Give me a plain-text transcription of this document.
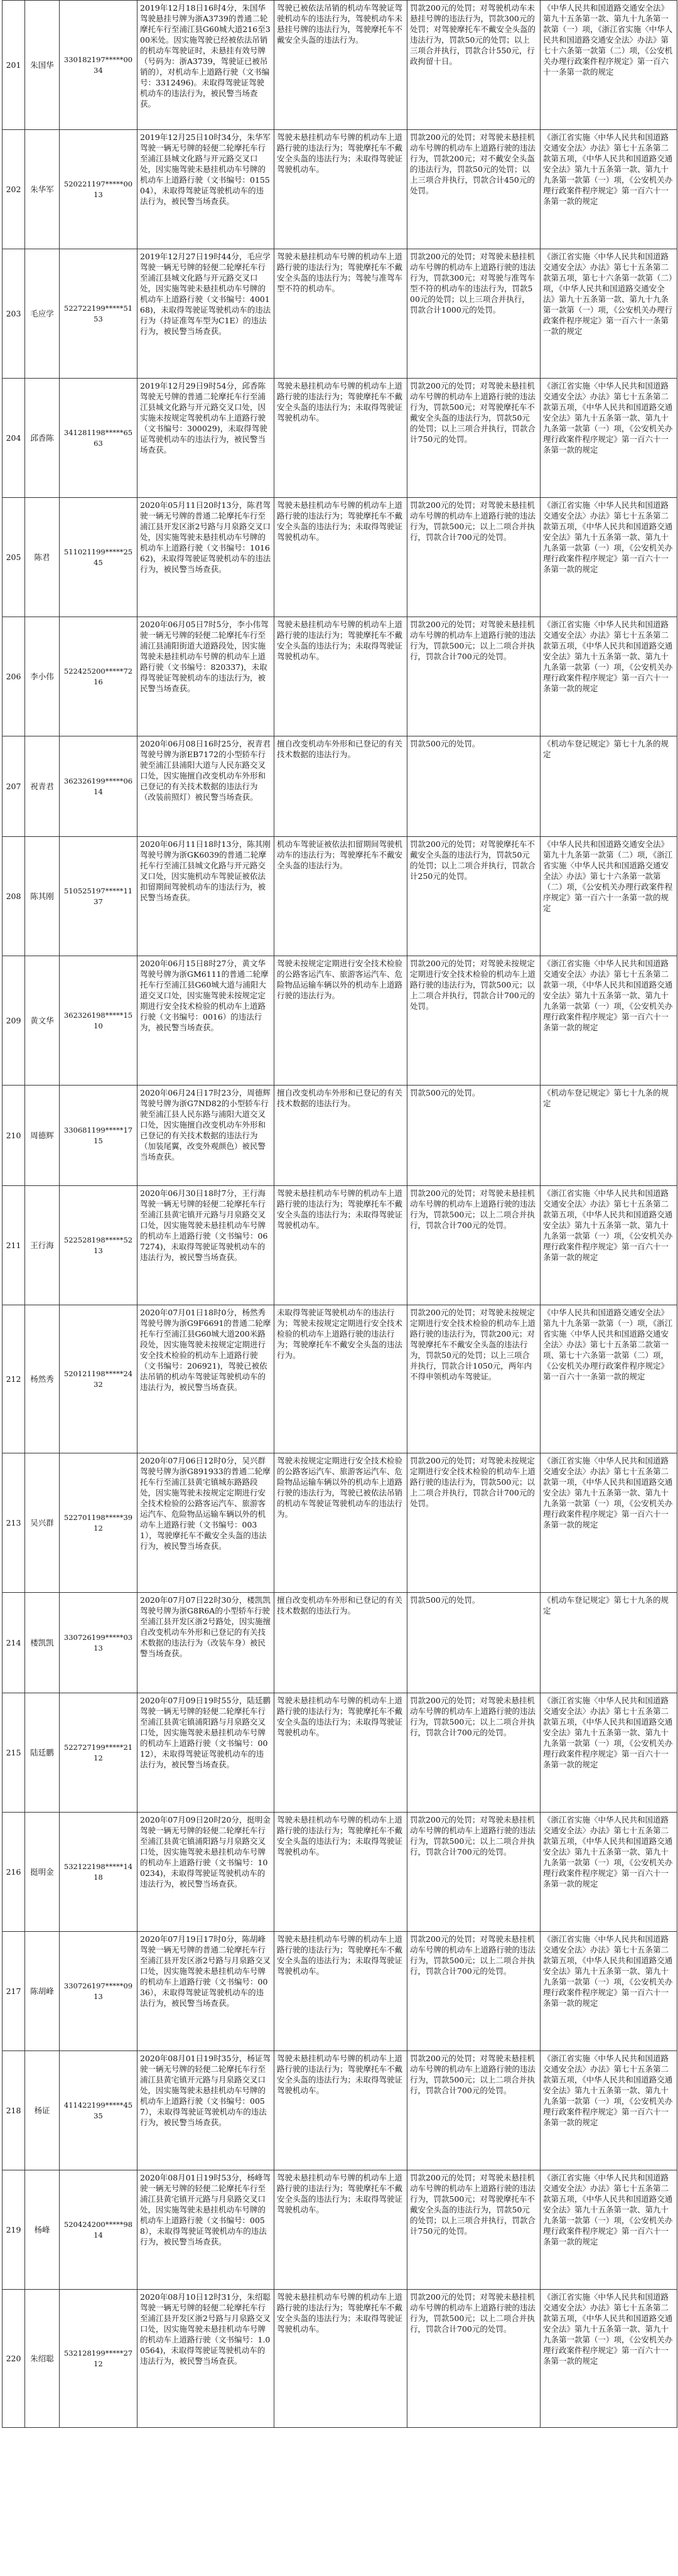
201	朱国华	330182197*****0034	2019年12月18日16时4分，朱国华驾驶悬挂号牌为浙A3739的普通二轮摩托车行至浦江县G60城大道216至300米处。因实施驾驶已经被依法吊销的机动车驾驶证时，未悬挂有效号牌（号码为：浙A3739，驾驶证已被吊销的），对机动车上道路行驶（文书编号：3312496)。未取得驾驶证驾驶机动车的违法行为，被民警当场查获。	驾驶已被依法吊销的机动车驾驶证驾驶机动车的违法行为，驾驶机动车未悬挂号牌的违法行为，驾驶摩托车不戴安全头盔的违法行为。	罚款200元的处罚；对驾驶机动车未悬挂号牌的违法行为，罚款300元的处罚；对驾驶摩托车不戴安全头盔的违法行为，罚款50元的处罚；以上三项合并执行，罚款合计550元，行政拘留十日。	《中华人民共和国道路交通安全法》第九十五条第一款、第九十九条第一款第（一）项，《浙江省实施〈中华人民共和国道路交通安全法〉办法》第七十六条第一款第（二）项，《公安机关办理行政案件程序规定》第一百六十一条第一款的规定
202	朱华军	520221197*****0013	2019年12月25日10时34分，朱华军驾驶一辆无号牌的轻便二轮摩托车行至浦江县城文化路与开元路交叉口处，因实施驾驶未悬挂机动车号牌的机动车上道路行驶（文书编号：015504），未取得驾驶证驾驶机动车的违法行为，被民警当场查获。	驾驶未悬挂机动车号牌的机动车上道路行驶的违法行为；驾驶摩托车不戴安全头盔的违法行为；未取得驾驶证驾驶机动车。	罚款200元的处罚；对驾驶未悬挂机动车号牌的机动车上道路行驶的违法行为，罚款200元；对不戴安全头盔的违法行为，罚款50元的处罚；以上三项合并执行，罚款合计450元的处罚。	《浙江省实施〈中华人民共和国道路交通安全法〉办法》第七十五条第二款第五项，《中华人民共和国道路交通安全法》第九十五条第一款、第九十九条第一款第（一）项，《公安机关办理行政案件程序规定》第一百六十一条第一款的规定
203	毛应学	522722199*****5153	2019年12月27日19时44分，毛应学驾驶一辆无号牌的轻便二轮摩托车行至浦江县城文化路与开元路交叉口处，因实施驾驶未悬挂机动车号牌的机动车上道路行驶（文书编号：400168)，未取得驾驶证驾驶机动车的违法行为（持证准驾车型为C1E）的违法行为，被民警当场查获。	驾驶未悬挂机动车号牌的机动车上道路行驶的违法行为；驾驶摩托车不戴安全头盔的违法行为；驾驶与准驾车型不符的机动车。	罚款200元的处罚；对驾驶未悬挂机动车号牌的机动车上道路行驶的违法行为，罚款300元；对驾驶与准驾车型不符的机动车的违法行为，罚款500元的处罚；以上三项合并执行，罚款合计1000元的处罚。	《浙江省实施〈中华人民共和国道路交通安全法〉办法》第七十五条第二款第五项，第七十六条第一款第（二）项，《中华人民共和国道路交通安全法》第九十五条第一款、第九十九条第一款第（一）项，《公安机关办理行政案件程序规定》第一百六十一条第一款的规定
204	邱香陈	341281198*****6563	2019年12月29日9时54分，邱香陈驾驶无号牌的普通二轮摩托车行至浦江县城文化路与开元路交叉口处，因实施未按规定驾驶机动车上道路行驶（文书编号：300029)，未取得驾驶证驾驶机动车的违法行为，被民警当场查获。	驾驶未悬挂机动车号牌的机动车上道路行驶的违法行为；驾驶摩托车不戴安全头盔的违法行为；未取得驾驶证驾驶机动车。	罚款200元的处罚；对驾驶未悬挂机动车号牌的机动车上道路行驶的违法行为，罚款500元；对驾驶摩托车不戴安全头盔的违法行为，罚款50元的处罚；以上三项合并执行，罚款合计750元的处罚。	《浙江省实施〈中华人民共和国道路交通安全法〉办法》第七十五条第二款第五项，《中华人民共和国道路交通安全法》第九十五条第一款、第九十九条第一款第（一）项，《公安机关办理行政案件程序规定》第一百六十一条第一款的规定
205	陈君	511021199*****2545	2020年05月11日20时13分，陈君驾驶一辆无号牌的普通二轮摩托车行至浦江县开发区浙2号路与月泉路交叉口处，因实施驾驶未悬挂机动车号牌的机动车上道路行驶（文书编号：101662)，未取得驾驶证驾驶机动车的违法行为，被民警当场查获。	驾驶未悬挂机动车号牌的机动车上道路行驶的违法行为；驾驶摩托车不戴安全头盔的违法行为；未取得驾驶证驾驶机动车。	罚款200元的处罚；对驾驶未悬挂机动车号牌的机动车上道路行驶的违法行为，罚款500元；以上二项合并执行，罚款合计700元的处罚。	《浙江省实施〈中华人民共和国道路交通安全法〉办法》第七十五条第二款第五项，《中华人民共和国道路交通安全法》第九十五条第一款、第九十九条第一款第（一）项，《公安机关办理行政案件程序规定》第一百六十一条第一款的规定
206	李小伟	522425200*****7216	2020年06月05日7时5分，李小伟驾驶一辆无号牌的轻便二轮摩托车行至浦江县浦阳街道大道路段处，因实施驾驶未悬挂机动车号牌的机动车上道路行驶（文书编号：820337)，未取得驾驶证驾驶机动车的违法行为，被民警当场查获。	驾驶未悬挂机动车号牌的机动车上道路行驶的违法行为；驾驶摩托车不戴安全头盔的违法行为；未取得驾驶证驾驶机动车。	罚款200元的处罚；对驾驶未悬挂机动车号牌的机动车上道路行驶的违法行为，罚款500元；以上二项合并执行，罚款合计700元的处罚。	《浙江省实施〈中华人民共和国道路交通安全法〉办法》第七十五条第二款第五项，《中华人民共和国道路交通安全法》第九十五条第一款、第九十九条第一款第（一）项，《公安机关办理行政案件程序规定》第一百六十一条第一款的规定
207	祝青君	362326199*****0614	2020年06月08日16时25分，祝青君驾驶号牌为浙EB7172的小型轿车行驶至浦江县浦阳大道与人民东路交叉口处，因实施擅自改变机动车外形和已登记的有关技术数据的违法行为（改装前照灯）被民警当场查获。	擅自改变机动车外形和已登记的有关技术数据的违法行为。	罚款500元的处罚。	《机动车登记规定》第七十九条的规定
208	陈其刚	510525197*****1137	2020年06月11日18时13分，陈其刚驾驶号牌为浙GK6039的普通二轮摩托车行至浦江县城文化路与开元路交叉口处，因实施机动车驾驶证被依法扣留期间驾驶机动车的违法行为，被民警当场查获。	机动车驾驶证被依法扣留期间驾驶机动车的违法行为；驾驶摩托车不戴安全头盔的违法行为。	罚款200元的处罚；对驾驶摩托车不戴安全头盔的违法行为，罚款50元的处罚；以上二项合并执行，罚款合计250元的处罚。	《中华人民共和国道路交通安全法》第九十九条第一款第（二）项，《浙江省实施〈中华人民共和国道路交通安全法〉办法》第七十六条第一款第（二）项，《公安机关办理行政案件程序规定》第一百六十一条第一款的规定
209	黄文华	362326198*****1510	2020年06月15日8时27分，黄文华驾驶号牌为浙GM6111的普通二轮摩托车行至浦江县G60城大道与浦阳大道交叉口处，因实施驾驶未按规定定期进行安全技术检验的机动车上道路行驶（文书编号：0016）的违法行为，被民警当场查获。	驾驶未按规定定期进行安全技术检验的公路客运汽车、旅游客运汽车、危险物品运输车辆以外的机动车上道路行驶的违法行为。	罚款200元的处罚；对驾驶未按规定定期进行安全技术检验的机动车上道路行驶的违法行为，罚款500元；以上二项合并执行，罚款合计700元的处罚。	《浙江省实施〈中华人民共和国道路交通安全法〉办法》第七十五条第二款第一项，《中华人民共和国道路交通安全法》第九十五条第一款、第九十九条第一款第（一）项，《公安机关办理行政案件程序规定》第一百六十一条第一款的规定
210	周德辉	330681199*****1715	2020年06月24日17时23分，周德辉驾驶号牌为浙G7ND82的小型轿车行驶至浦江县人民东路与浦阳大道交叉口处，因实施擅自改变机动车外形和已登记的有关技术数据的违法行为（加装尾翼，改变外观颜色）被民警当场查获。	擅自改变机动车外形和已登记的有关技术数据的违法行为。	罚款500元的处罚。	《机动车登记规定》第七十九条的规定
211	王行海	522528198*****5213	2020年06月30日18时7分，王行海驾驶一辆无号牌的轻便二轮摩托车行至浦江县黄宅镇开元路与月泉路交叉口处，因实施驾驶未悬挂机动车号牌的机动车上道路行驶（文书编号：067274)，未取得驾驶证驾驶机动车的违法行为，被民警当场查获。	驾驶未悬挂机动车号牌的机动车上道路行驶的违法行为；驾驶摩托车不戴安全头盔的违法行为；未取得驾驶证驾驶机动车。	罚款200元的处罚；对驾驶未悬挂机动车号牌的机动车上道路行驶的违法行为，罚款500元；以上二项合并执行，罚款合计700元的处罚。	《浙江省实施〈中华人民共和国道路交通安全法〉办法》第七十五条第二款第五项，《中华人民共和国道路交通安全法》第九十五条第一款、第九十九条第一款第（一）项，《公安机关办理行政案件程序规定》第一百六十一条第一款的规定
212	杨然秀	520121198*****2432	2020年07月01日18时0分，杨然秀驾驶号牌为浙G9F6691的普通二轮摩托车行至浦江县G60城大道200米路段处，因实施驾驶未按规定定期进行安全技术检验的机动车上道路行驶（文书编号：206921)，驾驶已被依法吊销的机动车驾驶证驾驶机动车的违法行为，被民警当场查获。	未取得驾驶证驾驶机动车的违法行为；驾驶未按规定定期进行安全技术检验的机动车上道路行驶的违法行为；驾驶摩托车不戴安全头盔的违法行为。	罚款200元的处罚；对驾驶未按规定定期进行安全技术检验的机动车上道路行驶的违法行为，罚款200元；对驾驶摩托车不戴安全头盔的违法行为，罚款50元的处罚；以上三项合并执行，罚款合计1050元，两年内不得申领机动车驾驶证。	《中华人民共和国道路交通安全法》第九十九条第一款第（一）项，《浙江省实施〈中华人民共和国道路交通安全法〉办法》第七十五条第二款第一项、第七十六条第一款第（二）项，《公安机关办理行政案件程序规定》第一百六十一条第一款的规定
213	吴兴群	522701198*****3912	2020年07月06日12时0分，吴兴群驾驶号牌为浙G891933的普通二轮摩托车行至浦江县黄宅镇城东路路段处，因实施驾驶未按规定定期进行安全技术检验的公路客运汽车、旅游客运汽车、危险物品运输车辆以外的机动车上道路行驶（文书编号：0031），驾驶摩托车不戴安全头盔的违法行为，被民警当场查获。	驾驶未按规定定期进行安全技术检验的公路客运汽车、旅游客运汽车、危险物品运输车辆以外的机动车上道路行驶的违法行为，驾驶已被依法吊销的机动车驾驶证驾驶机动车的违法行为。	罚款200元的处罚；对驾驶未按规定定期进行安全技术检验的机动车上道路行驶的违法行为，罚款500元；以上二项合并执行，罚款合计700元的处罚。	《浙江省实施〈中华人民共和国道路交通安全法〉办法》第七十五条第二款第一项，《中华人民共和国道路交通安全法》第九十五条第一款、第九十九条第一款第（一）项，《公安机关办理行政案件程序规定》第一百六十一条第一款的规定
214	楼凯凯	330726199*****0313	2020年07月07日22时30分，楼凯凯驾驶号牌为浙G8R6A的小型轿车行驶至浦江县开发区浙2号路处，因实施擅自改变机动车外形和已登记的有关技术数据的违法行为（改装车身）被民警当场查获。	擅自改变机动车外形和已登记的有关技术数据的违法行为。	罚款500元的处罚。	《机动车登记规定》第七十九条的规定
215	陆廷鹏	522727199*****2112	2020年07月09日19时55分，陆廷鹏驾驶一辆无号牌的轻便二轮摩托车行至浦江县黄宅镇浦阳路与月泉路交叉口处，因实施驾驶未悬挂机动车号牌的机动车上道路行驶（文书编号：0012），未取得驾驶证驾驶机动车的违法行为，被民警当场查获。	驾驶未悬挂机动车号牌的机动车上道路行驶的违法行为；驾驶摩托车不戴安全头盔的违法行为；未取得驾驶证驾驶机动车。	罚款200元的处罚；对驾驶未悬挂机动车号牌的机动车上道路行驶的违法行为，罚款500元；以上二项合并执行，罚款合计700元的处罚。	《浙江省实施〈中华人民共和国道路交通安全法〉办法》第七十五条第二款第五项，《中华人民共和国道路交通安全法》第九十五条第一款、第九十九条第一款第（一）项，《公安机关办理行政案件程序规定》第一百六十一条第一款的规定
216	挺明金	532122198*****1418	2020年07月09日20时20分，挺明金驾驶一辆无号牌的轻便二轮摩托车行至浦江县黄宅镇浦阳路与月泉路交叉口处，因实施驾驶未悬挂机动车号牌的机动车上道路行驶（文书编号：100234)，未取得驾驶证驾驶机动车的违法行为，被民警当场查获。	驾驶未悬挂机动车号牌的机动车上道路行驶的违法行为；驾驶摩托车不戴安全头盔的违法行为；未取得驾驶证驾驶机动车。	罚款200元的处罚；对驾驶未悬挂机动车号牌的机动车上道路行驶的违法行为，罚款500元；以上二项合并执行，罚款合计700元的处罚。	《浙江省实施〈中华人民共和国道路交通安全法〉办法》第七十五条第二款第五项，《中华人民共和国道路交通安全法》第九十五条第一款、第九十九条第一款第（一）项，《公安机关办理行政案件程序规定》第一百六十一条第一款的规定
217	陈胡峰	330726197*****0913	2020年07月19日17时0分，陈胡峰驾驶一辆无号牌的普通二轮摩托车行至浦江县开发区浙2号路与月泉路交叉口处，因实施驾驶未悬挂机动车号牌的机动车上道路行驶（文书编号：0036），未取得驾驶证驾驶机动车的违法行为，被民警当场查获。	驾驶未悬挂机动车号牌的机动车上道路行驶的违法行为；驾驶摩托车不戴安全头盔的违法行为；未取得驾驶证驾驶机动车。	罚款200元的处罚；对驾驶未悬挂机动车号牌的机动车上道路行驶的违法行为，罚款500元；以上二项合并执行，罚款合计700元的处罚。	《浙江省实施〈中华人民共和国道路交通安全法〉办法》第七十五条第二款第五项，《中华人民共和国道路交通安全法》第九十五条第一款、第九十九条第一款第（一）项，《公安机关办理行政案件程序规定》第一百六十一条第一款的规定
218	杨证	411422199*****4535	2020年08月01日19时35分，杨证驾驶一辆无号牌的轻便二轮摩托车行至浦江县黄宅镇开元路与月泉路交叉口处，因实施驾驶未悬挂机动车号牌的机动车上道路行驶（文书编号：0057），未取得驾驶证驾驶机动车的违法行为，被民警当场查获。	驾驶未悬挂机动车号牌的机动车上道路行驶的违法行为；驾驶摩托车不戴安全头盔的违法行为；未取得驾驶证驾驶机动车。	罚款200元的处罚；对驾驶未悬挂机动车号牌的机动车上道路行驶的违法行为，罚款500元；以上二项合并执行，罚款合计700元的处罚。	《浙江省实施〈中华人民共和国道路交通安全法〉办法》第七十五条第二款第五项，《中华人民共和国道路交通安全法》第九十五条第一款、第九十九条第一款第（一）项，《公安机关办理行政案件程序规定》第一百六十一条第一款的规定
219	杨峰	520424200*****9814	2020年08月01日19时53分，杨峰驾驶一辆无号牌的轻便二轮摩托车行至浦江县黄宅镇开元路与月泉路交叉口处，因实施驾驶未悬挂机动车号牌的机动车上道路行驶（文书编号：0058），未取得驾驶证驾驶机动车的违法行为，被民警当场查获。	驾驶未悬挂机动车号牌的机动车上道路行驶的违法行为；驾驶摩托车不戴安全头盔的违法行为；未取得驾驶证驾驶机动车。	罚款200元的处罚；对驾驶未悬挂机动车号牌的机动车上道路行驶的违法行为，罚款500元；对驾驶摩托车不戴安全头盔的违法行为，罚款50元的处罚；以上三项合并执行，罚款合计750元的处罚。	《浙江省实施〈中华人民共和国道路交通安全法〉办法》第七十五条第二款第五项，《中华人民共和国道路交通安全法》第九十五条第一款、第九十九条第一款第（一）项，《公安机关办理行政案件程序规定》第一百六十一条第一款的规定
220	朱绍聪	532128199*****2712	2020年08月10日12时31分，朱绍聪驾驶一辆无号牌的轻便二轮摩托车行至浦江县开发区浙2号路与月泉路交叉口处，因实施驾驶未悬挂机动车号牌的机动车上道路行驶（文书编号：1.00564)，未取得驾驶证驾驶机动车的违法行为，被民警当场查获。	驾驶未悬挂机动车号牌的机动车上道路行驶的违法行为；驾驶摩托车不戴安全头盔的违法行为；未取得驾驶证驾驶机动车。	罚款200元的处罚；对驾驶未悬挂机动车号牌的机动车上道路行驶的违法行为，罚款500元；以上二项合并执行，罚款合计700元的处罚。	《浙江省实施〈中华人民共和国道路交通安全法〉办法》第七十五条第二款第五项，《中华人民共和国道路交通安全法》第九十五条第一款、第九十九条第一款第（一）项，《公安机关办理行政案件程序规定》第一百六十一条第一款的规定
